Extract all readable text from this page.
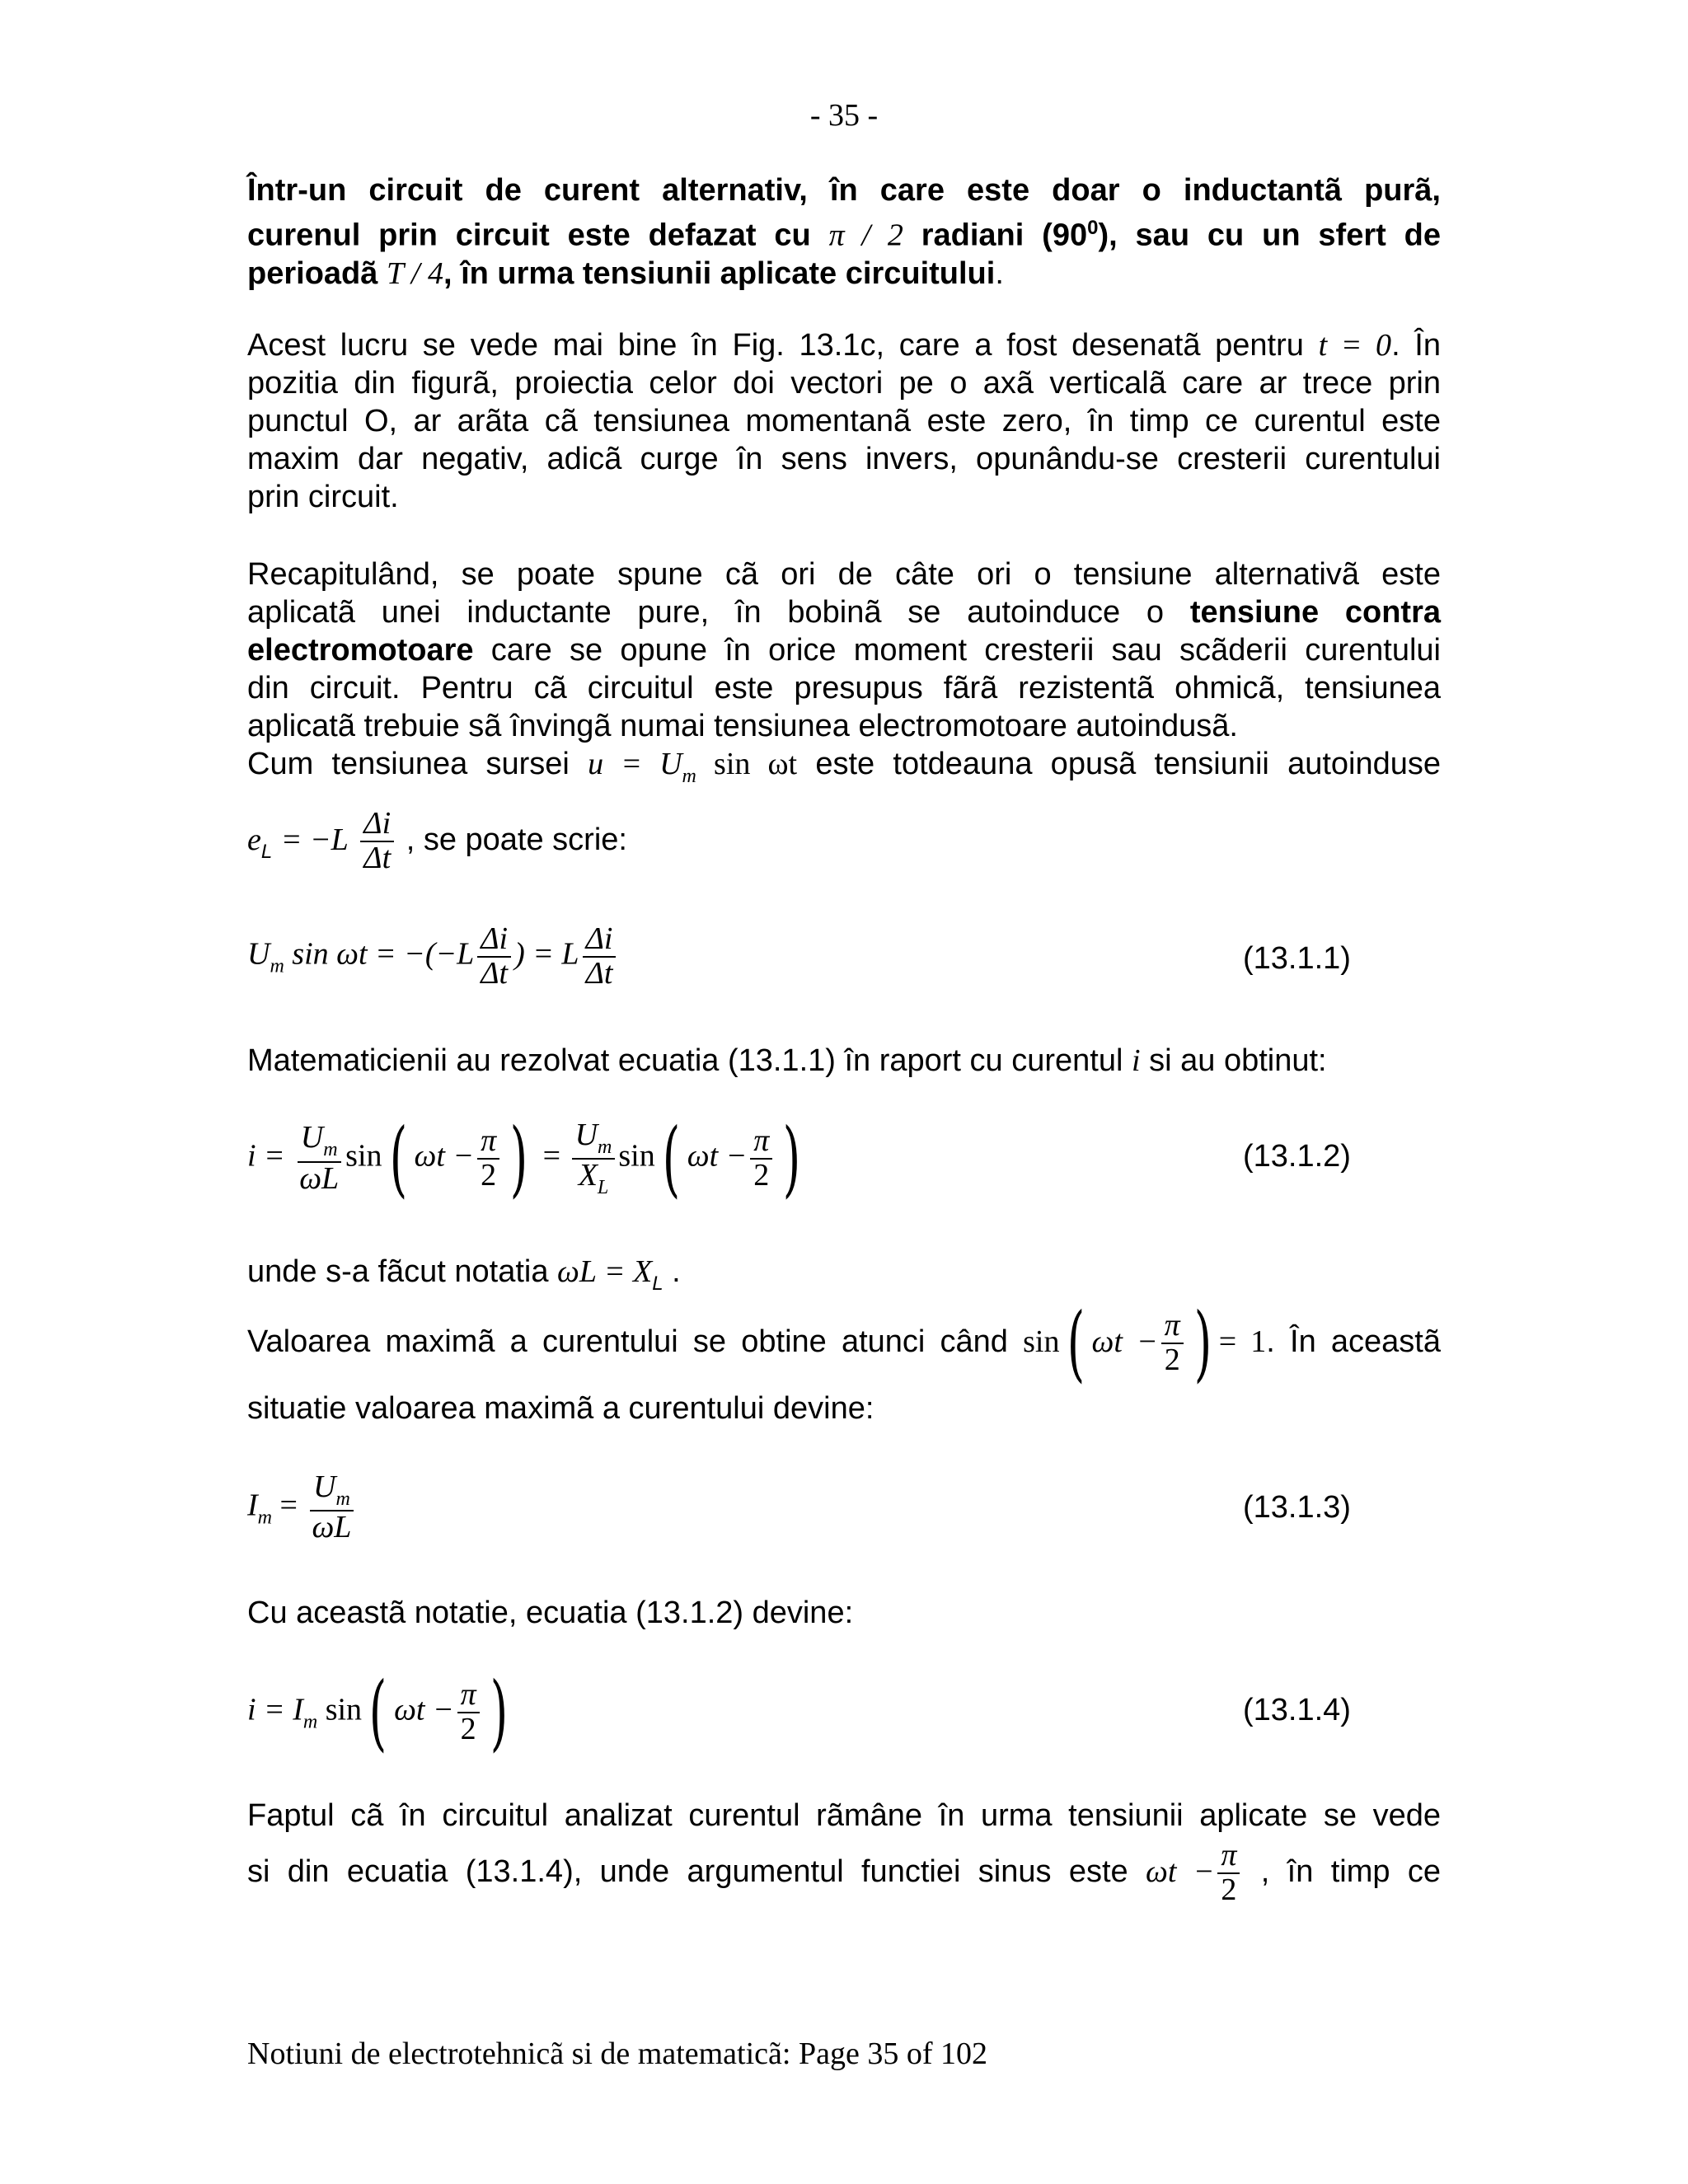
- 35 -
Într-un circuit de curent alternativ, în care este doar o inductantã purã,
curenul prin circuit este defazat cu π / 2 radiani $(90^0)$, sau cu un sfert de
perioadã T / 4, în urma tensiunii aplicate circuitului.
Acest lucru se vede mai bine în Fig. 13.1c, care a fost desenatã pentru t = 0. În
pozitia din figurã, proiectia celor doi vectori pe o axã verticalã care ar trece prin
punctul O, ar arãta cã tensiunea momentanã este zero, în timp ce curentul este
maxim dar negativ, adicã curge în sens invers, opunându-se cresterii curentului
prin circuit.
Recapitulând, se poate spune cã ori de câte ori o tensiune alternativã este
aplicatã unei inductante pure, în bobinã se autoinduce o tensiune contra
electromotoare care se opune în orice moment cresterii sau scãderii curentului
din circuit. Pentru cã circuitul este presupus fãrã rezistentã ohmicã, tensiunea
aplicatã trebuie sã învingã numai tensiunea electromotoare autoindusã.
Cum tensiunea sursei $u = U_m$ sin ωt este totdeauna opusã tensiunii autoinduse
$e_L = -L \frac{\Delta i}{\Delta t}$ , se poate scrie:
$U_m$ $\sin \omega t = -(-L \frac{\Delta i}{\Delta t}$ ) = L $\frac{\Delta i}{\Delta t}$	(13.1.1)
Matematicienii au rezolvat ecuatia (13.1.1) în raport cu curentul i si au obtinut:
$i = \frac{U_m}{\omega L} \sin$( $\omega t - \frac{\pi}{2}$ ) = $\frac{U_m}{X_L} \sin$( $\omega t - \frac{\pi}{2}$ )	(13.1.2)
unde s-a fãcut notatia $\omega L = X_L$ .
Valoarea maximã a curentului se obtine atunci când sin( $\omega t - \frac{\pi}{2}$ ) = 1. În aceastã
situatie valoarea maximã a curentului devine:
$I_m = \frac{U_m}{\omega L}$	(13.1.3)
Cu aceastã notatie, ecuatia (13.1.2) devine:
$i = I_m$ sin( $\omega t - \frac{\pi}{2}$ )	(13.1.4)
Faptul cã în circuitul analizat curentul rãmâne în urma tensiunii aplicate se vede
si din ecuatia (13.1.4), unde argumentul functiei sinus este $\omega t - \frac{\pi}{2}$ , în timp ce
Notiuni de electrotehnicã si de matematicã: Page 35 of 102
